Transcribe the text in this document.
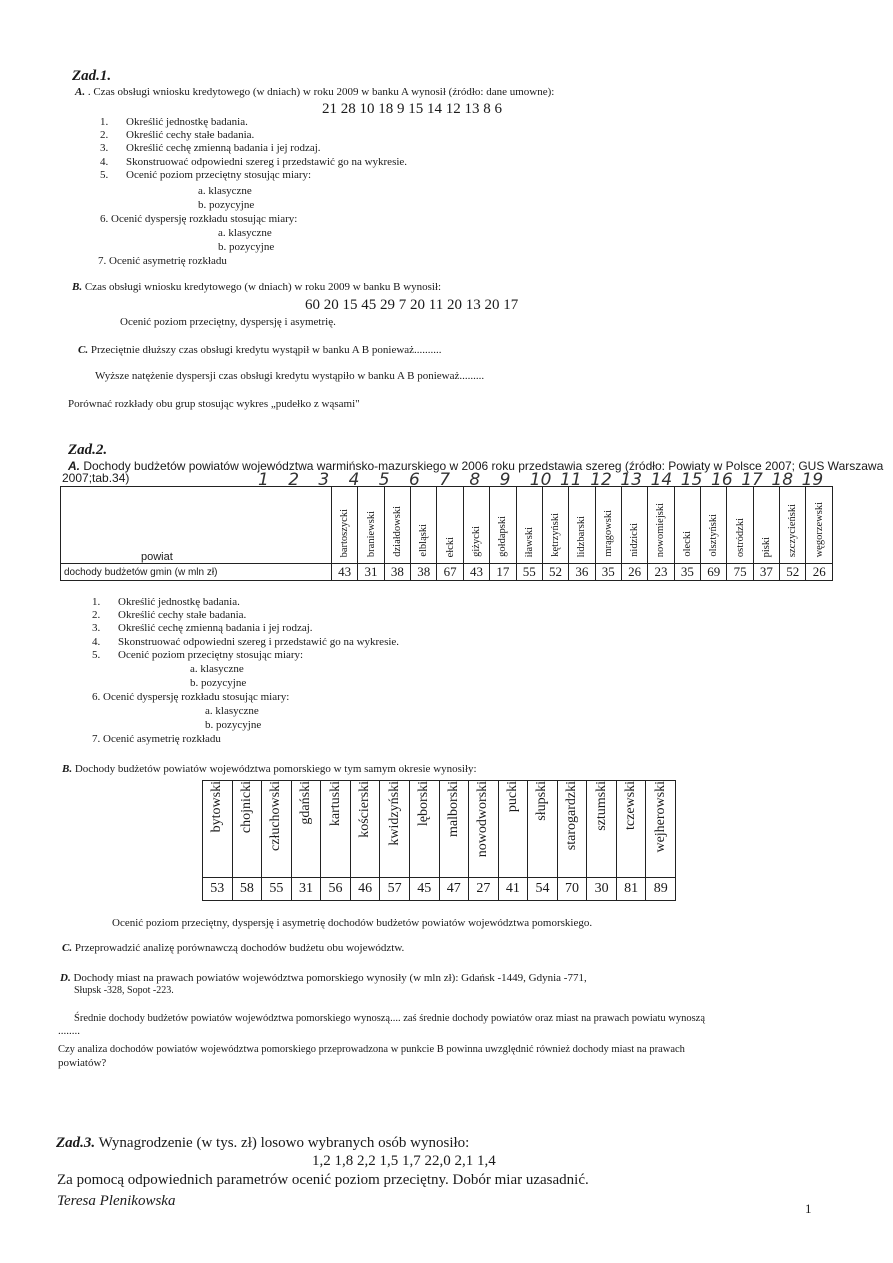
Zad.1.
A. . Czas obsługi wniosku kredytowego (w dniach) w roku 2009 w banku A wynosił (źródło: dane umowne):
21 28 10 18 9 15 14 12 13 8 6
1. Określić jednostkę badania.
2. Określić cechy stałe badania.
3. Określić cechę zmienną badania i jej rodzaj.
4. Skonstruować odpowiedni szereg i przedstawić go na wykresie.
5. Ocenić poziom przeciętny stosując miary:
a. klasyczne
b. pozycyjne
6. Ocenić dyspersję rozkładu stosując miary:
a. klasyczne
b. pozycyjne
7. Ocenić asymetrię rozkładu
B. Czas obsługi wniosku kredytowego (w dniach) w roku 2009 w banku B wynosił:
60 20 15 45 29 7 20 11 20 13 20 17
Ocenić poziom przeciętny, dyspersję i asymetrię.
C. Przeciętnie dłuższy czas obsługi kredytu wystąpił w banku A B ponieważ..........
Wyższe natężenie dyspersji czas obsługi kredytu wystąpiło w banku A B ponieważ.........
Porównać rozkłady obu grup stosując wykres „pudełko z wąsami"
Zad.2.
A. Dochody budżetów powiatów województwa warmińsko-mazurskiego w 2006 roku przedstawia szereg (źródło: Powiaty w Polsce 2007; GUS Warszawa
2007;tab.34)	1 2 3 4 5 6 7 8 9 10 11 12 13 14 15 16 17 18 19
powiat	bartoszycki	braniewski	działdowski	elbląski	ełcki	giżycki	gołdapski	iławski	kętrzyński	lidzbarski	mrągowski	nidzicki	nowomiejski	olecki	olsztyński	ostródzki	piski	szczycieński	węgorzewski
dochody budżetów gmin (w mln zł)	43	31	38	38	67	43	17	55	52	36	35	26	23	35	69	75	37	52	26
1. Określić jednostkę badania.
2. Określić cechy stałe badania.
3. Określić cechę zmienną badania i jej rodzaj.
4. Skonstruować odpowiedni szereg i przedstawić go na wykresie.
5. Ocenić poziom przeciętny stosując miary:
a. klasyczne
b. pozycyjne
6. Ocenić dyspersję rozkładu stosując miary:
a. klasyczne
b. pozycyjne
7. Ocenić asymetrię rozkładu
B. Dochody budżetów powiatów województwa pomorskiego w tym samym okresie wynosiły:
bytowski	chojnicki	człuchowski	gdański	kartuski	kościerski	kwidzyński	lęborski	malborski	nowodworski	pucki	słupski	starogardzki	sztumski	tczewski	wejherowski
53	58	55	31	56	46	57	45	47	27	41	54	70	30	81	89
Ocenić poziom przeciętny, dyspersję i asymetrię dochodów budżetów powiatów województwa pomorskiego.
C. Przeprowadzić analizę porównawczą dochodów budżetu obu województw.
D. Dochody miast na prawach powiatów województwa pomorskiego wynosiły (w mln zł): Gdańsk -1449, Gdynia -771,
Słupsk -328, Sopot -223.
Średnie dochody budżetów powiatów województwa pomorskiego wynoszą.... zaś średnie dochody powiatów oraz miast na prawach powiatu wynoszą
........
Czy analiza dochodów powiatów województwa pomorskiego przeprowadzona w punkcie B powinna uwzględnić również dochody miast na prawach
powiatów?
Zad.3. Wynagrodzenie (w tys. zł) losowo wybranych osób wynosiło:
1,2 1,8 2,2 1,5 1,7 22,0 2,1 1,4
Za pomocą odpowiednich parametrów ocenić poziom przeciętny. Dobór miar uzasadnić.
Teresa Plenikowska	1
